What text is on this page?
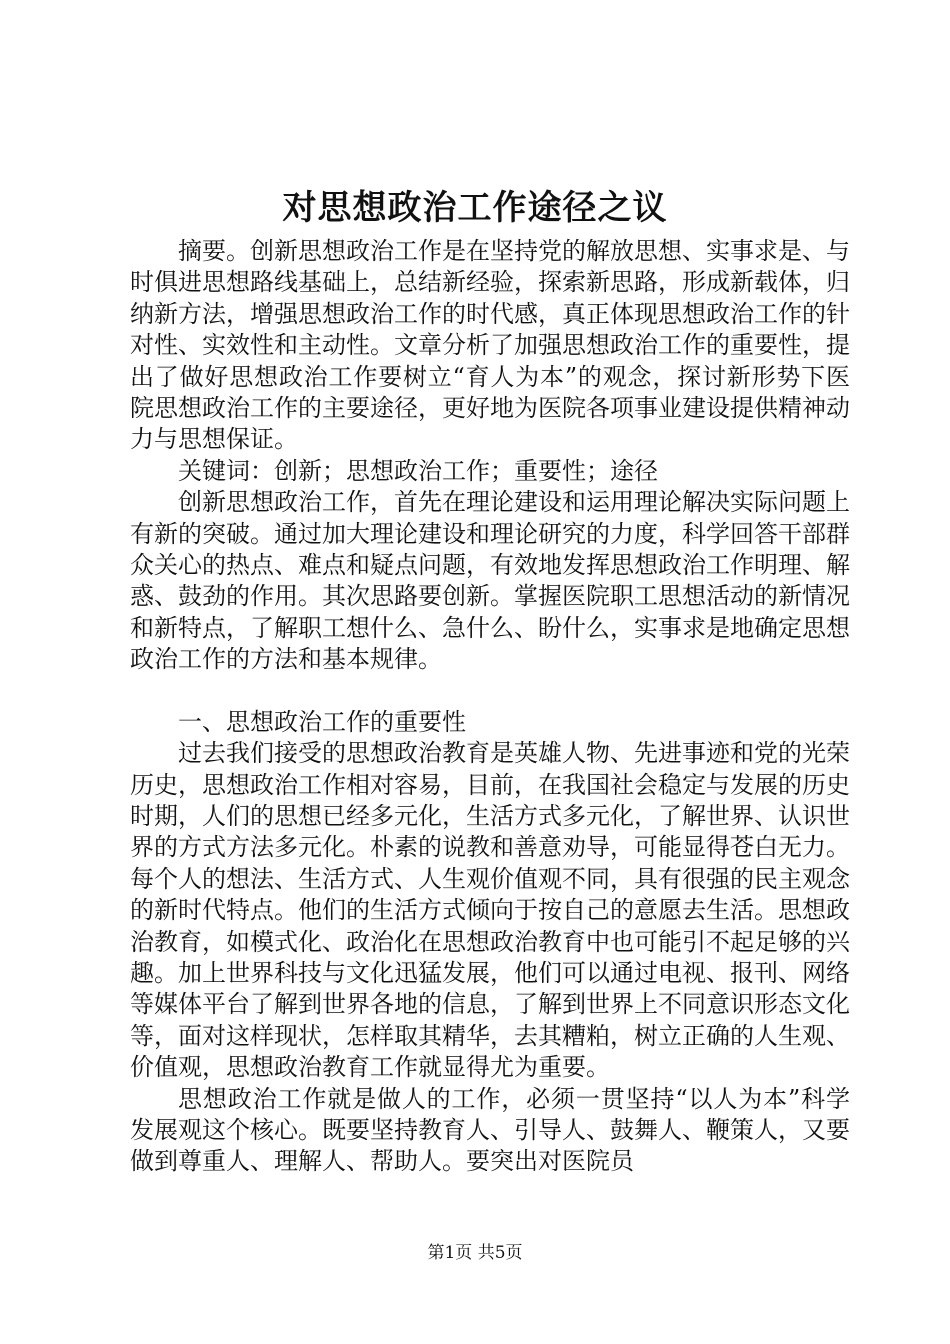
对思想政治工作途径之议

摘要。创新思想政治工作是在坚持党的解放思想、实事求是、与时俱进思想路线基础上，总结新经验，探索新思路，形成新载体，归纳新方法，增强思想政治工作的时代感，真正体现思想政治工作的针对性、实效性和主动性。文章分析了加强思想政治工作的重要性，提出了做好思想政治工作要树立“育人为本”的观念，探讨新形势下医院思想政治工作的主要途径，更好地为医院各项事业建设提供精神动力与思想保证。

关键词：创新；思想政治工作；重要性；途径

创新思想政治工作，首先在理论建设和运用理论解决实际问题上有新的突破。通过加大理论建设和理论研究的力度，科学回答干部群众关心的热点、难点和疑点问题，有效地发挥思想政治工作明理、解惑、鼓劲的作用。其次思路要创新。掌握医院职工思想活动的新情况和新特点，了解职工想什么、急什么、盼什么，实事求是地确定思想政治工作的方法和基本规律。

一、思想政治工作的重要性

过去我们接受的思想政治教育是英雄人物、先进事迹和党的光荣历史，思想政治工作相对容易，目前，在我国社会稳定与发展的历史时期，人们的思想已经多元化，生活方式多元化，了解世界、认识世界的方式方法多元化。朴素的说教和善意劝导，可能显得苍白无力。每个人的想法、生活方式、人生观价值观不同，具有很强的民主观念的新时代特点。他们的生活方式倾向于按自己的意愿去生活。思想政治教育，如模式化、政治化在思想政治教育中也可能引不起足够的兴趣。加上世界科技与文化迅猛发展，他们可以通过电视、报刊、网络等媒体平台了解到世界各地的信息，了解到世界上不同意识形态文化等，面对这样现状，怎样取其精华，去其糟粕，树立正确的人生观、价值观，思想政治教育工作就显得尤为重要。

思想政治工作就是做人的工作，必须一贯坚持“以人为本”科学发展观这个核心。既要坚持教育人、引导人、鼓舞人、鞭策人，又要做到尊重人、理解人、帮助人。要突出对医院员

第1页 共5页
